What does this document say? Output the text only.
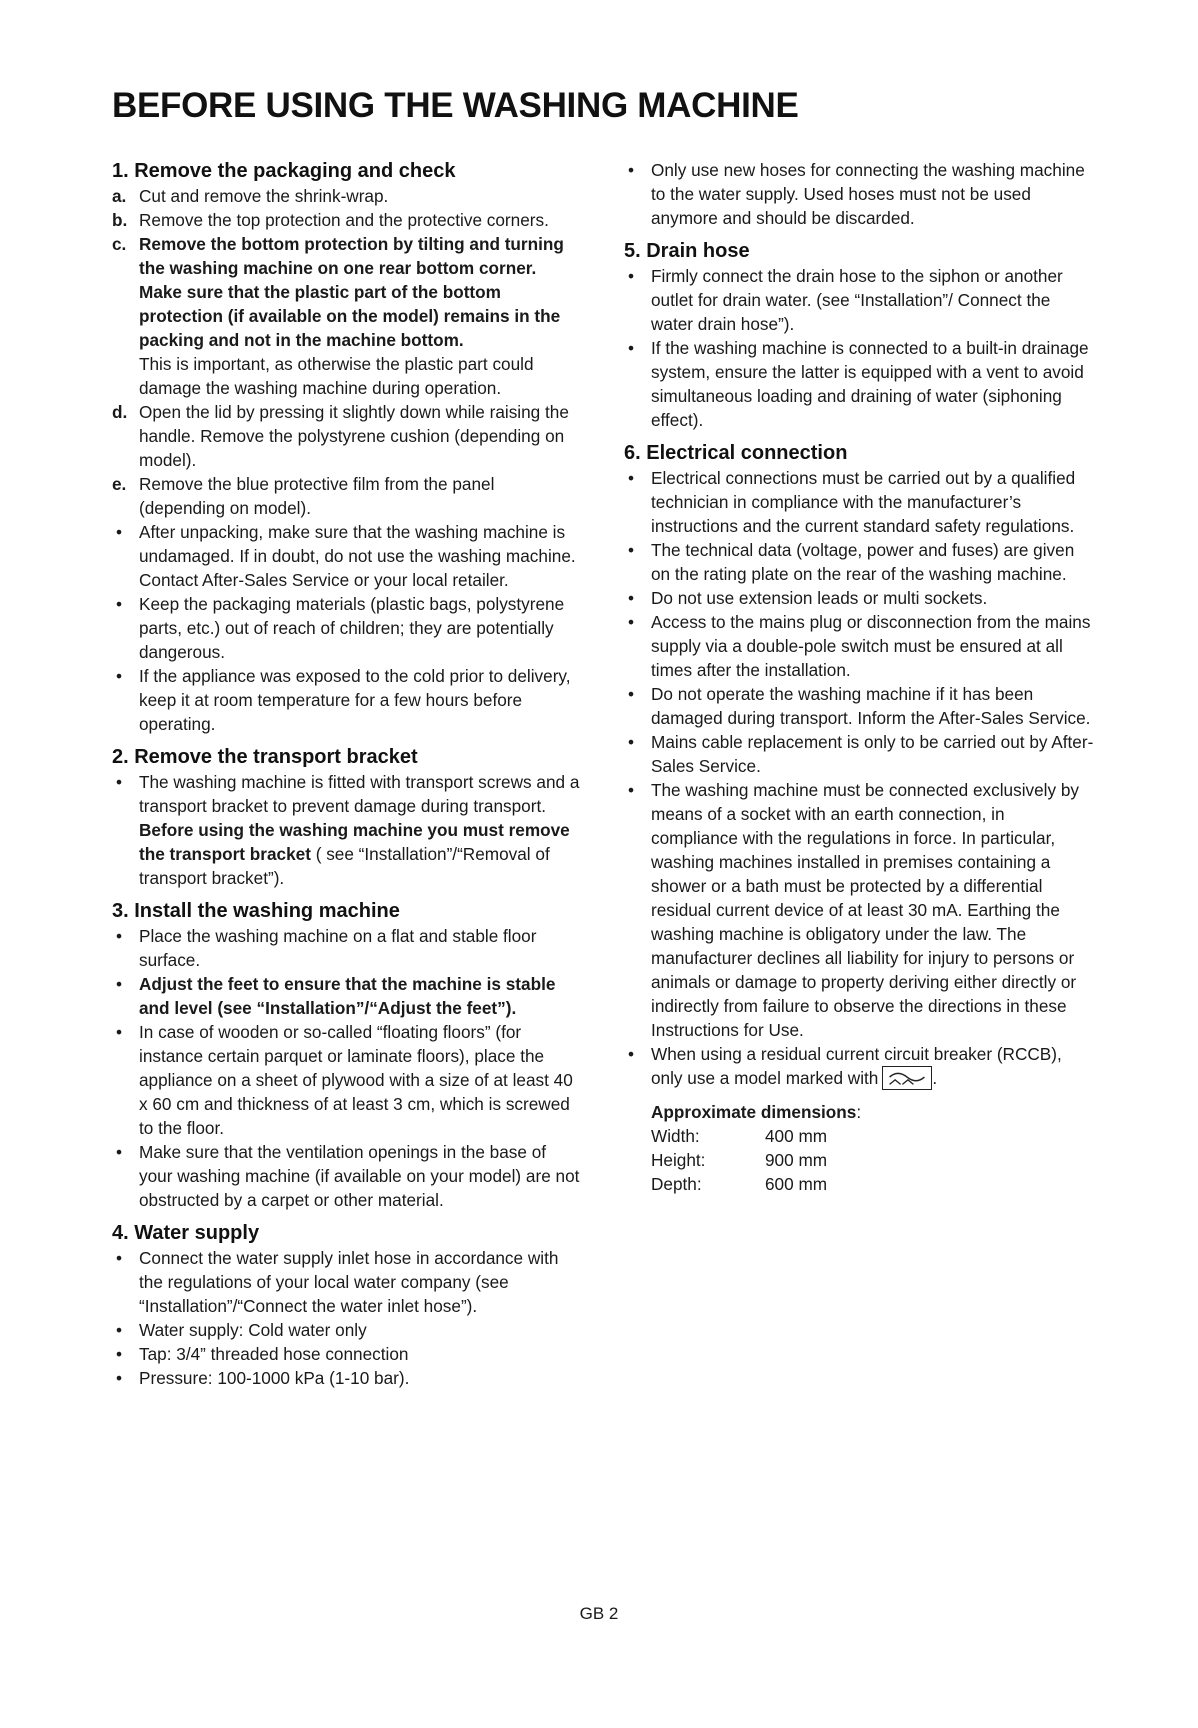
BEFORE USING THE WASHING MACHINE
1. Remove the packaging and check

a. Cut and remove the shrink-wrap.

b. Remove the top protection and the protective corners.

c. Remove the bottom protection by tilting and turning the washing machine on one rear bottom corner. Make sure that the plastic part of the bottom protection (if available on the model) remains in the packing and not in the machine bottom.

This is important, as otherwise the plastic part could damage the washing machine during operation.

d. Open the lid by pressing it slightly down while raising the handle. Remove the polystyrene cushion (depending on model).

e. Remove the blue protective film from the panel (depending on model).

• After unpacking, make sure that the washing machine is undamaged. If in doubt, do not use the washing machine. Contact After-Sales Service or your local retailer.

• Keep the packaging materials (plastic bags, polystyrene parts, etc.) out of reach of children; they are potentially dangerous.

• If the appliance was exposed to the cold prior to delivery, keep it at room temperature for a few hours before operating.

2. Remove the transport bracket

• The washing machine is fitted with transport screws and a transport bracket to prevent damage during transport. Before using the washing machine you must remove the transport bracket ( see “Installation”/“Removal of transport bracket”).

3. Install the washing machine

• Place the washing machine on a flat and stable floor surface.

• Adjust the feet to ensure that the machine is stable and level (see “Installation”/“Adjust the feet”).

• In case of wooden or so-called “floating floors” (for instance certain parquet or laminate floors), place the appliance on a sheet of plywood with a size of at least 40 x 60 cm and thickness of at least 3 cm, which is screwed to the floor.

• Make sure that the ventilation openings in the base of your washing machine (if available on your model) are not obstructed by a carpet or other material.

4. Water supply

• Connect the water supply inlet hose in accordance with the regulations of your local water company (see “Installation”/“Connect the water inlet hose”).

• Water supply: Cold water only

• Tap: 3/4” threaded hose connection

• Pressure: 100-1000 kPa (1-10 bar).

• Only use new hoses for connecting the washing machine to the water supply. Used hoses must not be used anymore and should be discarded.

5. Drain hose

• Firmly connect the drain hose to the siphon or another outlet for drain water. (see “Installation”/ Connect the water drain hose”).

• If the washing machine is connected to a built-in drainage system, ensure the latter is equipped with a vent to avoid simultaneous loading and draining of water (siphoning effect).

6. Electrical connection

• Electrical connections must be carried out by a qualified technician in compliance with the manufacturer’s instructions and the current standard safety regulations.

• The technical data (voltage, power and fuses) are given on the rating plate on the rear of the washing machine.

• Do not use extension leads or multi sockets.

• Access to the mains plug or disconnection from the mains supply via a double-pole switch must be ensured at all times after the installation.

• Do not operate the washing machine if it has been damaged during transport. Inform the After-Sales Service.

• Mains cable replacement is only to be carried out by After-Sales Service.

• The washing machine must be connected exclusively by means of a socket with an earth connection, in compliance with the regulations in force. In particular, washing machines installed in premises containing a shower or a bath must be protected by a differential residual current device of at least 30 mA. Earthing the washing machine is obligatory under the law. The manufacturer declines all liability for injury to persons or animals or damage to property deriving either directly or indirectly from failure to observe the directions in these Instructions for Use.

• When using a residual current circuit breaker (RCCB), only use a model marked with	.

Approximate dimensions:
Width:	400 mm
Height:	900 mm
Depth:	600 mm
GB 2
